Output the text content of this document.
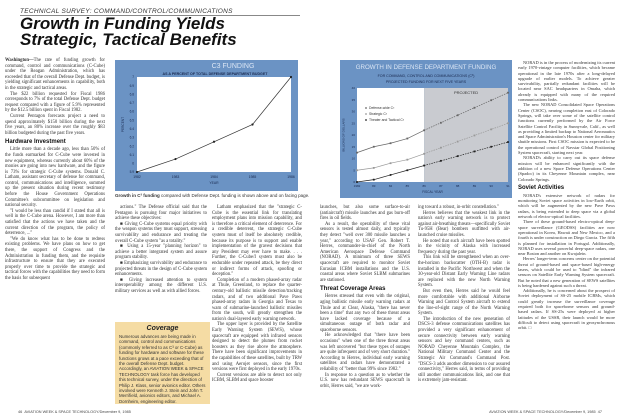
TECHNICAL SURVEY: COMMAND/CONTROL/COMMUNICATIONS
Growth in Funding Yields
Strategic, Tactical Benefits

Washington—The rate of funding growth for command, control and communications (C-Cube) under the Reagan Administration, which has exceeded that of the overall Defense Dept. budget, is yielding significant enhancements in capability, both in the strategic and tactical areas.

The $22 billion requested for Fiscal 1986 corresponds to 7% of the total Defense Dept. budget request compared with a figure of 5.9% represented by the $12.5 billion spent in Fiscal 1982.

Current Pentagon forecasts project a need to spend approximately $150 billion during the next five years, an 80% increase over the roughly $83 billion budgeted during the past five years.

Hardware Investment

Little more than a decade ago, less than 50% of the funds earmarked for C-Cube were invested in new equipment, whereas currently about 60% of the monies are going into new hardware, and the figure is 73% for strategic C-Cube systems. Donald C. Latham, assistant secretary of defense for command, control, communications and intelligence, summed up the present situation during recent testimony before the House Government Operations Committee's subcommittee on legislation and national security.

"I would be less than candid if I stated that all is well in the C-Cube arena. However, I am more than satisfied that the actions we have taken and the current direction of the program, the policy of deterrence, ..."

"We do know what has to be done to redress existing problems. We have plans on how to get there, the support of Congress and the Administration in funding them, and the requisite infrastructure to ensure that they are executed properly over time to provide the strategic and tactical forces with the capabilities they need to form the basis for subsequent

C3 FUNDING
AS A PERCENT OF TOTAL DEFENSE DEPARTMENT BUDGET
5.9
6
6.1
6.2
6.3
6.4
6.5
6.6
6.7
6.8
6.9
7
1982	1983	1984	1985	1986
YEAR
PERCENT
Growth in C³ funding compared with Defense Dept. funding is shown above and on facing page.

actions." The Defense official said that the Pentagon is pursuing four major initiatives to achieve these objectives:

■ Giving C-Cube systems equal priority with the weapon systems they must support, stressing survivability and endurance and treating the overall C-Cube system "as a totality."

■ Using a 15-year "planning horizon" to achieve a better integrated system and assure program stability.

■ Emphasizing survivability and endurance to projected threats in the design of C-Cube system enhancements.

■ Giving increased attention to system interoperability among the different U.S. military services as well as with allied forces.

Coverage
Numerous advances are being made in command, control and communications (commonly referred to as C³ or C-Cube) as funding for hardware and software for these functions grows at a pace exceeding that of the overall Defense Dept. budget. Accordingly, an AVIATION WEEK & SPACE TECHNOLOGY task force has developed this technical survey, under the direction of Philip J. Klass, senior avionics editor. Others involved were Kenneth J. Stein and John T. Merrifield, avionics editors, and Michael A. Dornheim, engineering editor.

Latham emphasized that the "strategic C-Cube is the essential link for translating employment plans into mission capability, and is therefore a critical element of deterrence. For a credible deterrent, the strategic C-Cube system must of itself be absolutely credible, because its purpose is to support and enable implementation of the gravest decisions that any President may ever have to make. . . . Further, the C-Cube/I system must also be endurable under repeated attack, be they direct or indirect forms of attack, spoofing or deception."

Completion of a modern phased-array radar at Thule, Greenland, to replace the quarter-century-old ballistic missile detection/tracking radars, and of two additional Pave Paws phased-array radars in Georgia and Texas to warn of submarine-launched ballistic missiles from the south, will greatly strengthen the nation's dual-layered early warning network.

The upper layer is provided by the Satellite Early Warning System (SEWS), whose spacecraft are equipped with infrared sensors designed to detect the plumes from rocket boosters as they rise above the atmosphere. There have been significant improvements in the capabilities of these satellites, built by TRW and using Aerojet sensors, since the first versions were first deployed in the early 1970s.

Current versions are able to detect not only ICBM, SLBM and space booster

GROWTH IN DEFENSE DEPARTMENT FUNDING
FOR COMMAND, CONTROL AND COMMUNICATIONS (C³)
PROJECTED FUNDING FOR NEXT FIVE YEARS
PROJECTED
0
5
10
15
20
25
30
35
40
BILLIONS OF DOLLARS
1982	83	84	85	86	87	88	89	90	91
FISCAL YEAR
Defense-wide C³
Strategic C³
Theater and Tactical C³

launches, but also some surface-to-air (antiaircraft) missile launches and gas burn-off fires in oil fields.

As a result, the operability of these vital sensors is tested almost daily, and typically they detect "well over 300 missile launches a year," according to USAF Gen. Robert T. Herres, commander-in-chief of the North American Aerospace Defense Command (NORAD). A minimum of three SEWS spacecraft are required to monitor Soviet Eurasian ICBM installations and the U.S. coastal areas where Soviet SLBM submarines are stationed.

Threat Coverage Areas

Herres stressed that even with the original, aging ballistic missile early warning radars at Thule and at Clear, Alaska, "there has never been a time" that any two of these threat areas have lacked coverage because of a simultaneous outage of both radar and spaceborne sensors.

He acknowledged that "there have been occasions" when one of the three threat areas was left uncovered "but these types of outages are quite infrequent and of very short duration." According to Herres, individual early warning satellites and radars have demonstrated a reliability of "better than 99% since 1982."

In response to a question as to whether the U.S. now has redundant SEWS spacecraft in orbit, Herres said, "we are work-

ing toward a robust, in-orbit constellation."

Herres believes that the weakest link in the nation's early warning network is to protect against air-breathing threats—specifically Soviet Tu-95H (Bear) bombers outfitted with air-launched cruise missiles.

He noted that such aircraft have been spotted in the vicinity of Alaska with increased frequency during the past year.

This link will be strengthened when an over-the-horizon backscatter (OTH-B) radar is installed in the Pacific Northwest and when the 30-year-old Distant Early Warning Line radars are replaced with the new North Warning System.

But even then, Herres said he would feel more comfortable with additional Airborne Warning and Control System aircraft to extend the line-of-sight range of the North Warning System.

The introduction of the new generation of DSCS-3 defense communications satellites has provided a very significant enhancement of secure connectivity between early warning sensors and key command centers, such as NORAD Cheyenne Mountain Complex, the National Military Command Center and the Strategic Air Command's Command Post. "DSCS-3 adds another dimension to our assured connectivity," Herres said, in terms of providing still another communications link, and one that is extremely jam-resistant.

NORAD is in the process of modernizing its current early 1970-vintage computer facilities, which became operational in the late 1970s after a long-delayed upgrade of earlier models. To achieve greater survivability, partially redundant facilities will be located near SAC headquarters in Omaha, which already is equipped with many of the required communications links.

The new NORAD Consolidated Space Operations Center (CSOC), nearing completion east of Colorado Springs, will take over some of the satellite control functions currently performed by the Air Force Satellite Control Facility in Sunnyvale, Calif., as well as providing a limited backup to National Aeronautics and Space Administration's Houston center for military shuttle missions. First CSOC mission is expected to be the operational control of Navstar Global Positioning System spacecraft, starting next year.

NORAD's ability to carry out its space defense mission will be enhanced significantly with the addition of a new Space Defense Operations Center (Spadoc) in its Cheyenne Mountain complex, near Colorado Springs.

Soviet Activities

NORAD's extensive network of radars for monitoring Soviet space activities in low-Earth orbit, which will be augmented by the new Pave Paws radars, is being extended to deep space via a global network of electro-optical facilities.

Three of these ground-based electro-optical deep-space surveillance (GEODSS) facilities are now operational in Korea, Hawaii and New Mexico, and a fourth is under construction on Diego Garcia. The fifth is planned for installation in Portugal. Additionally, NORAD uses several powerful deep-space radars, one near Boston and another on Kwajalein.

Herres' longer-term concerns center on the potential threat of ground-based and space-based high-energy lasers, which could be used to "blind" the infrared sensors on Satellite Early Warning System spacecraft. But he noted that a new generation of SEWS satellites is being hardened against such a threat.

Additionally, he is concerned about the prospect of Soviet deployment of SS-25 mobile ICBMs, which could greatly increase the surveillance coverage required both for spaceborne sensors and ground-based radars. If SS-25s were deployed at higher latitudes of the USSR, their launch would be more difficult to detect using spacecraft in geosynchronous orbit. □

46 AVIATION WEEK & SPACE TECHNOLOGY/December 9, 1985	AVIATION WEEK & SPACE TECHNOLOGY/December 9, 1985 47
